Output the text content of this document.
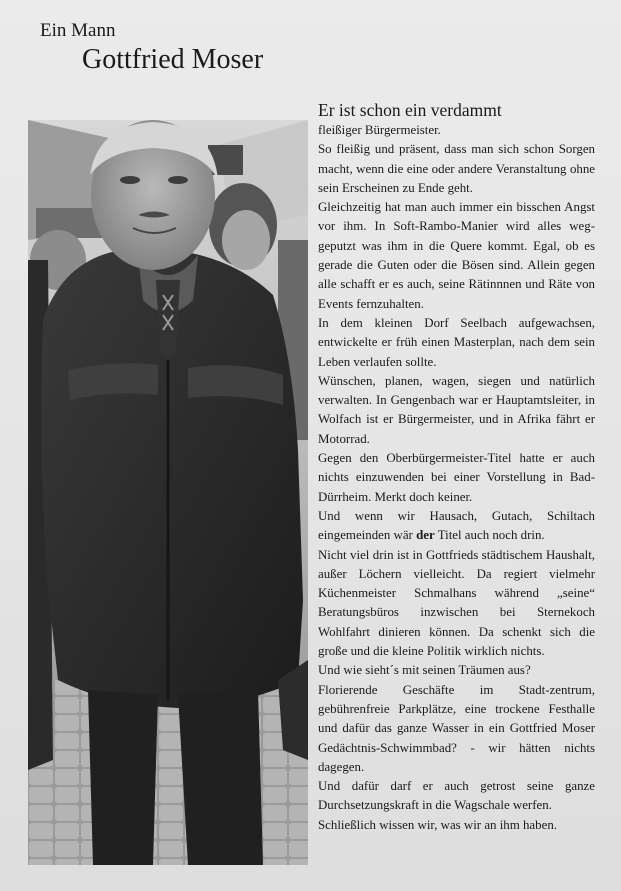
Ein Mann
Gottfried Moser
Er ist schon ein verdammt

fleißiger Bürgermeister.

So fleißig und präsent, dass man sich schon Sorgen macht, wenn die eine oder andere Veranstaltung ohne sein Erscheinen zu Ende geht.

Gleichzeitig hat man auch immer ein bisschen Angst vor ihm. In Soft-Rambo-Manier wird alles weg-geputzt was ihm in die Quere kommt. Egal, ob es gerade die Guten oder die Bösen sind. Allein gegen alle schafft er es auch, seine Rätinnnen und Räte von Events fernzuhalten.

In dem kleinen Dorf Seelbach aufgewachsen, entwickelte er früh einen Masterplan, nach dem sein Leben verlaufen sollte.

Wünschen, planen, wagen, siegen und natürlich verwalten. In Gengenbach war er Hauptamtsleiter, in Wolfach ist er Bürgermeister, und in Afrika fährt er Motorrad.

Gegen den Oberbürgermeister-Titel hatte er auch nichts einzuwenden bei einer Vorstellung in Bad-Dürrheim. Merkt doch keiner.

Und wenn wir Hausach, Gutach, Schiltach eingemeinden wär der Titel auch noch drin.

Nicht viel drin ist in Gottfrieds städtischem Haushalt, außer Löchern vielleicht. Da regiert vielmehr Küchenmeister Schmalhans während „seine“ Beratungsbüros inzwischen bei Sternekoch Wohlfahrt dinieren können. Da schenkt sich die große und die kleine Politik wirklich nichts.

Und wie sieht´s mit seinen Träumen aus?

Florierende Geschäfte im Stadt-zentrum, gebührenfreie Parkplätze, eine trockene Festhalle und dafür das ganze Wasser in ein Gottfried Moser Gedächtnis-Schwimmbad? - wir hätten nichts dagegen.

Und dafür darf er auch getrost seine ganze Durchsetzungskraft in die Wagschale werfen.

Schließlich wissen wir, was wir an ihm haben.
